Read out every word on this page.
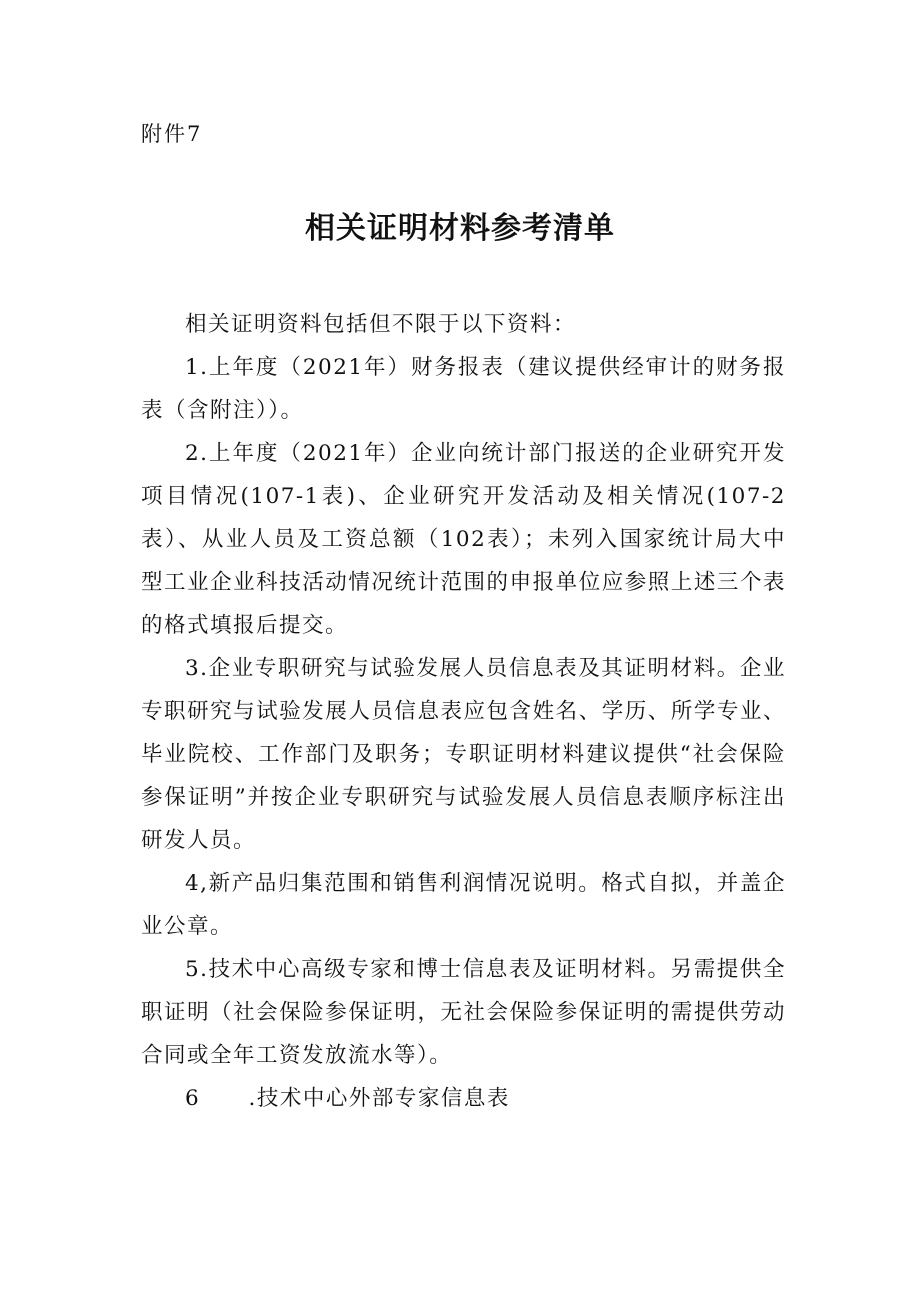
附件7
相关证明材料参考清单

相关证明资料包括但不限于以下资料：

1.上年度（2021年）财务报表（建议提供经审计的财务报表（含附注））。

2.上年度（2021年）企业向统计部门报送的企业研究开发项目情况(107-1表)、企业研究开发活动及相关情况(107-2表）、从业人员及工资总额（102表）；未列入国家统计局大中型工业企业科技活动情况统计范围的申报单位应参照上述三个表的格式填报后提交。

3.企业专职研究与试验发展人员信息表及其证明材料。企业专职研究与试验发展人员信息表应包含姓名、学历、所学专业、毕业院校、工作部门及职务；专职证明材料建议提供“社会保险参保证明”并按企业专职研究与试验发展人员信息表顺序标注出研发人员。

4,新产品归集范围和销售利润情况说明。格式自拟，并盖企业公章。

5.技术中心高级专家和博士信息表及证明材料。另需提供全职证明（社会保险参保证明，无社会保险参保证明的需提供劳动合同或全年工资发放流水等）。

6 .技术中心外部专家信息表
